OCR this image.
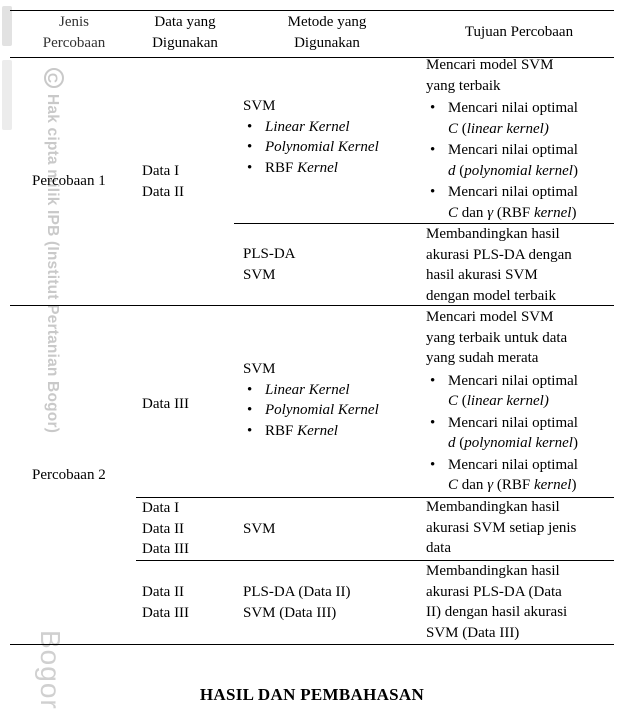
CHak cipta milik IPB (Institut Pertanian Bogor)
Bogor
Jenis
Percobaan
Data yang
Digunakan
Metode yang
Digunakan
Tujuan Percobaan
Percobaan 1
Data I
Data II
SVM
• Linear Kernel
• Polynomial Kernel
• RBF Kernel
Mencari model SVM
yang terbaik
• Mencari nilai optimal
C (linear kernel)
• Mencari nilai optimal
d (polynomial kernel)
• Mencari nilai optimal
C dan γ (RBF kernel)
PLS-DA
SVM
Membandingkan hasil
akurasi PLS-DA dengan
hasil akurasi SVM
dengan model terbaik
Percobaan 2
Data III
SVM
• Linear Kernel
• Polynomial Kernel
• RBF Kernel
Mencari model SVM
yang terbaik untuk data
yang sudah merata
• Mencari nilai optimal
C (linear kernel)
• Mencari nilai optimal
d (polynomial kernel)
• Mencari nilai optimal
C dan γ (RBF kernel)
Data I
Data II
Data III
SVM
Membandingkan hasil
akurasi SVM setiap jenis
data
Data II
Data III
PLS-DA (Data II)
SVM (Data III)
Membandingkan hasil
akurasi PLS-DA (Data
II) dengan hasil akurasi
SVM (Data III)
HASIL DAN PEMBAHASAN
